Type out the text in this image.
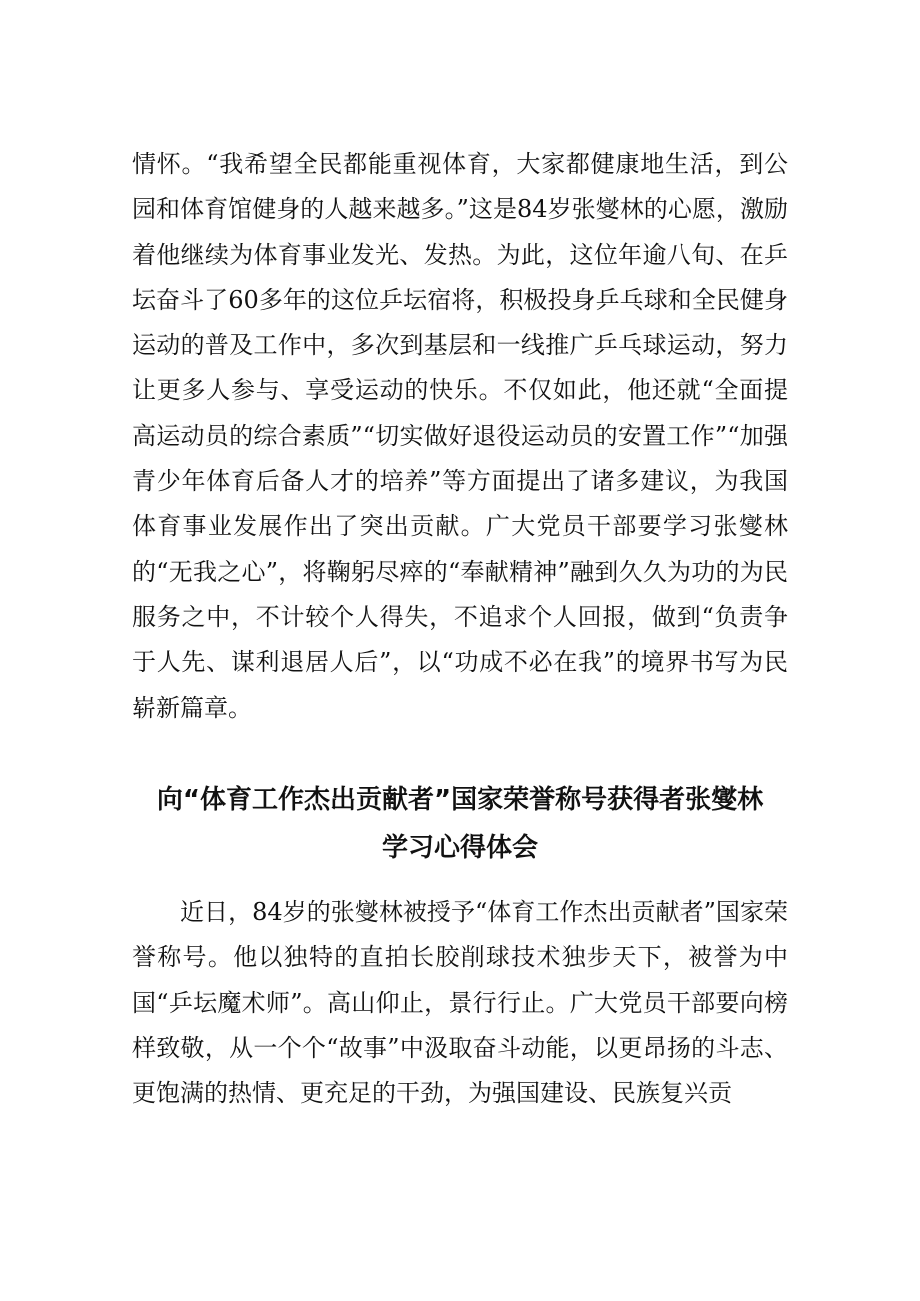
情怀。“我希望全民都能重视体育，大家都健康地生活，到公园和体育馆健身的人越来越多。”这是84岁张燮林的心愿，激励着他继续为体育事业发光、发热。为此，这位年逾八旬、在乒坛奋斗了60多年的这位乒坛宿将，积极投身乒乓球和全民健身运动的普及工作中，多次到基层和一线推广乒乓球运动，努力让更多人参与、享受运动的快乐。不仅如此，他还就“全面提高运动员的综合素质”“切实做好退役运动员的安置工作”“加强青少年体育后备人才的培养”等方面提出了诸多建议，为我国体育事业发展作出了突出贡献。广大党员干部要学习张燮林的“无我之心”，将鞠躬尽瘁的“奉献精神”融到久久为功的为民服务之中，不计较个人得失，不追求个人回报，做到“负责争于人先、谋利退居人后”，以“功成不必在我”的境界书写为民崭新篇章。

向“体育工作杰出贡献者”国家荣誉称号获得者张燮林
学习心得体会

近日，84岁的张燮林被授予“体育工作杰出贡献者”国家荣誉称号。他以独特的直拍长胶削球技术独步天下，被誉为中国“乒坛魔术师”。高山仰止，景行行止。广大党员干部要向榜样致敬，从一个个“故事”中汲取奋斗动能，以更昂扬的斗志、更饱满的热情、更充足的干劲，为强国建设、民族复兴贡
